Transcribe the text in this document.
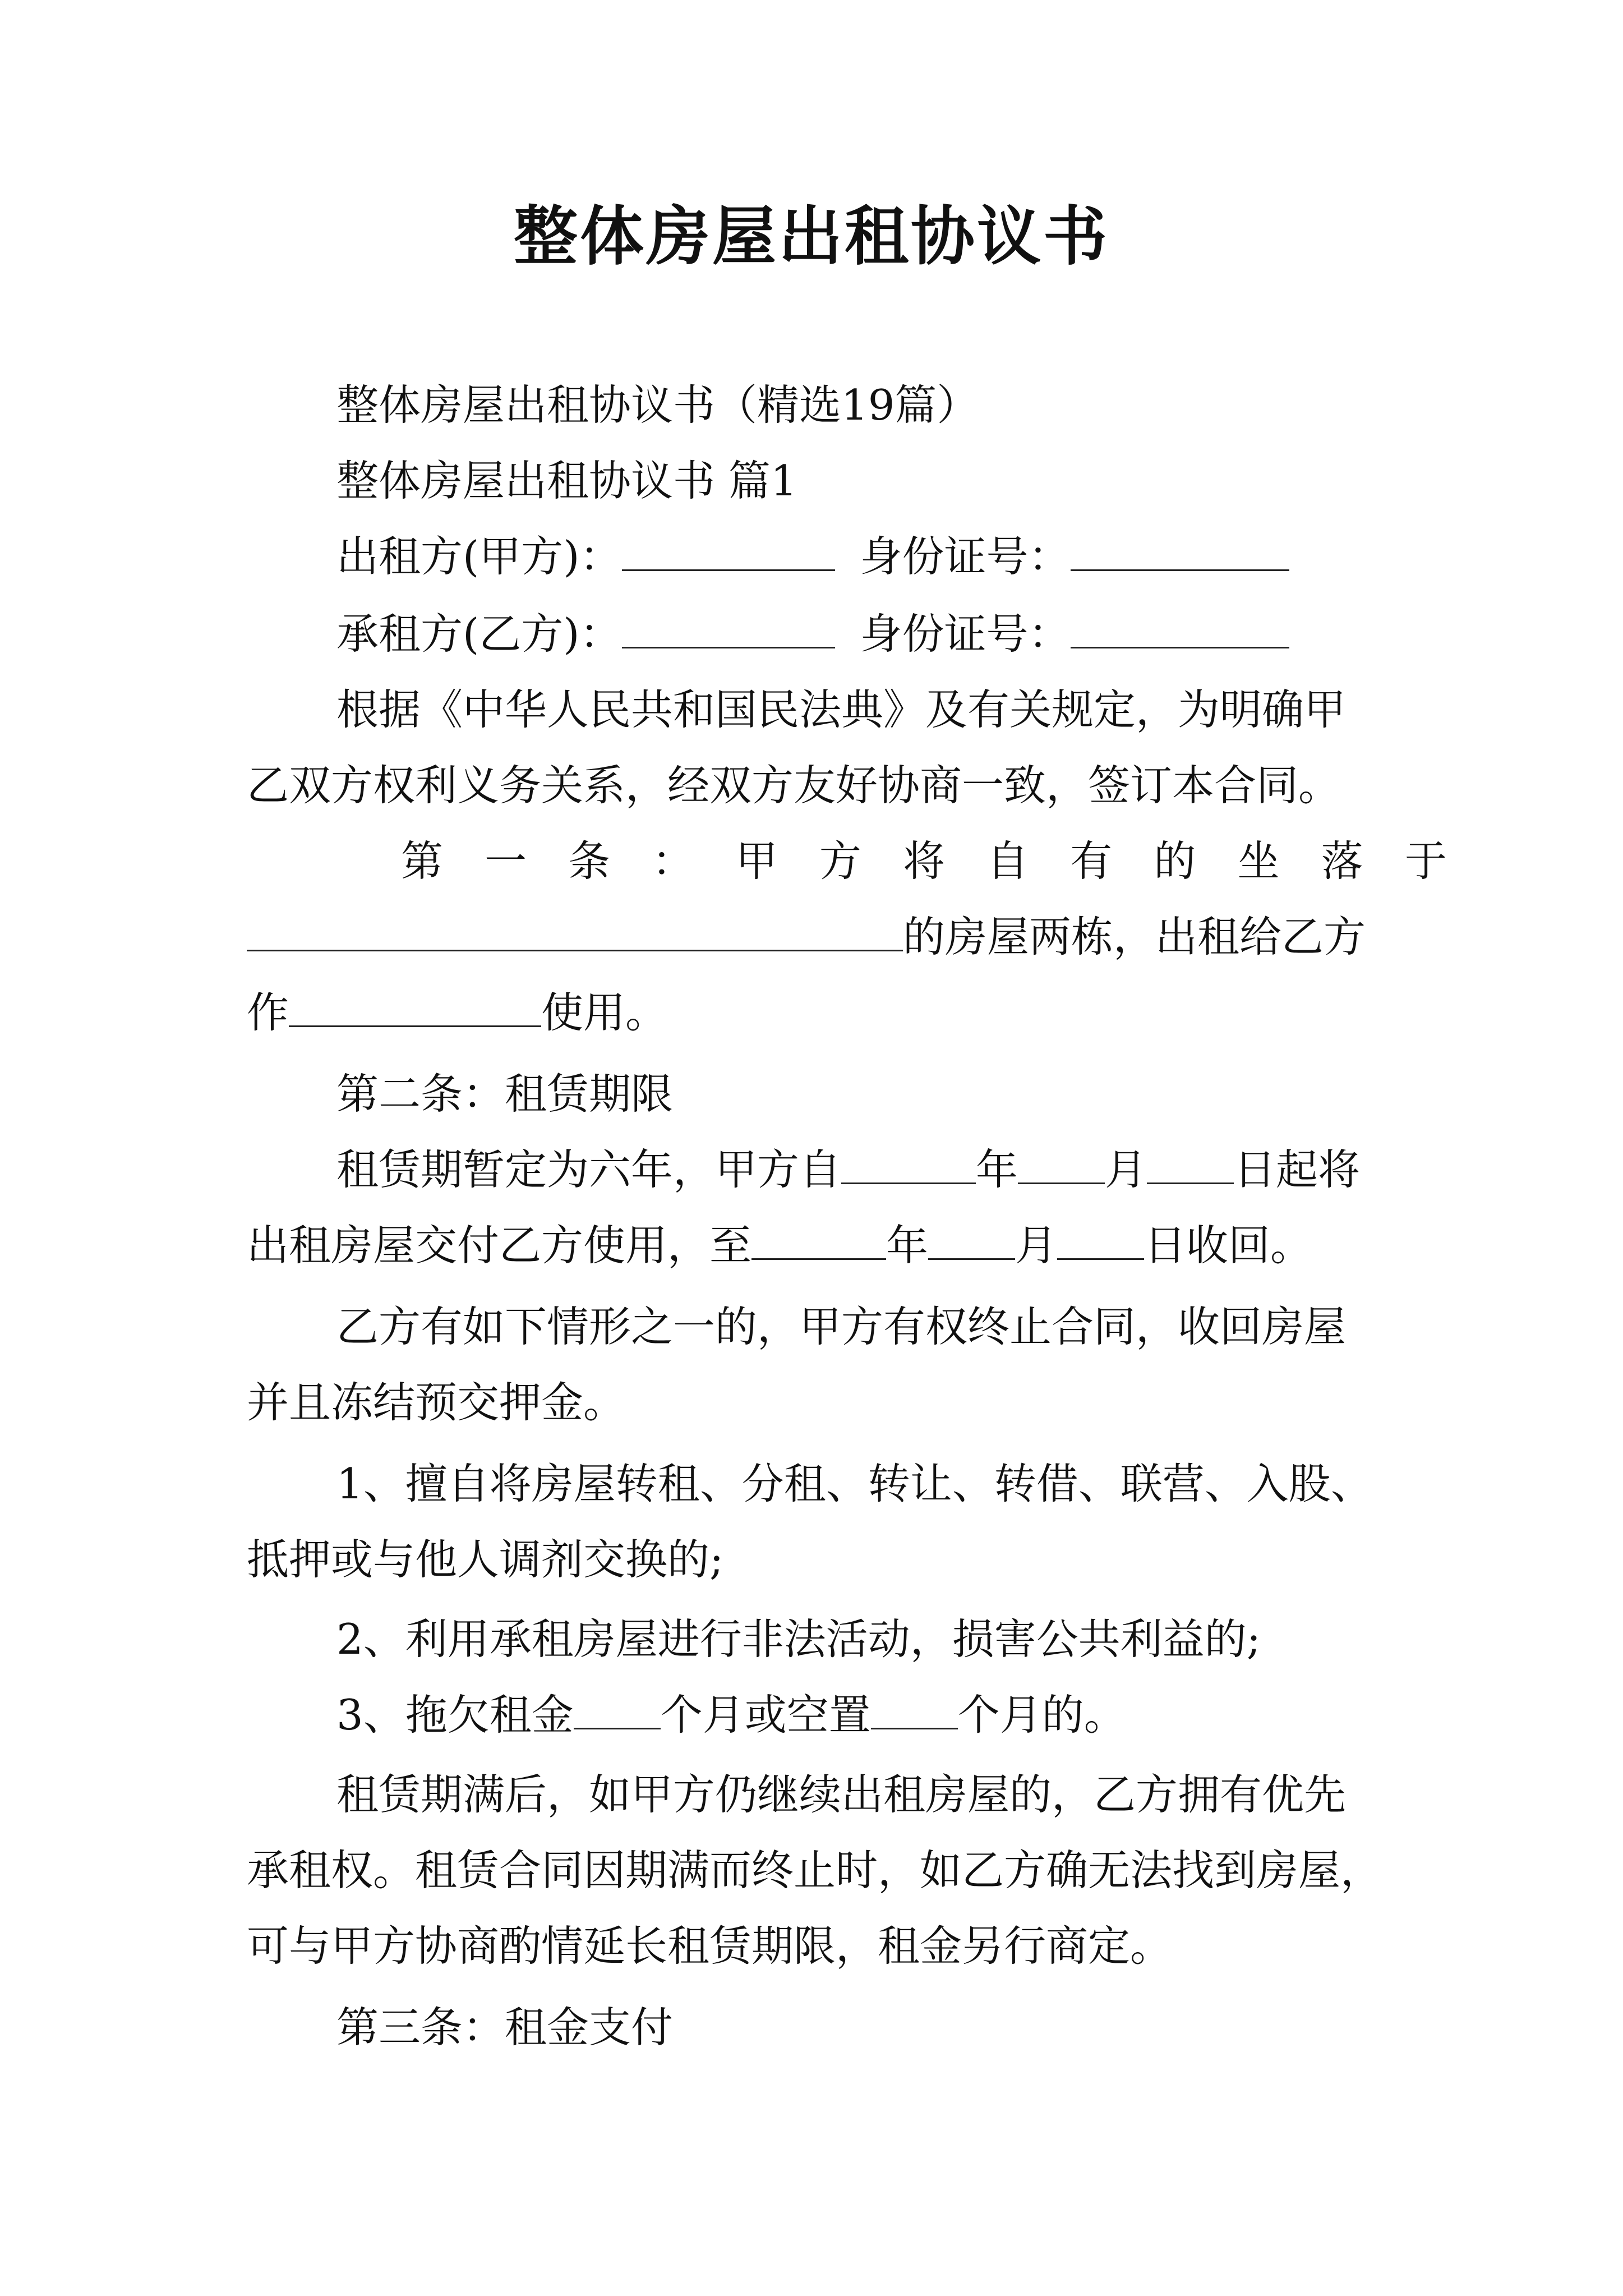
整体房屋出租协议书
整体房屋出租协议书（精选19篇）
整体房屋出租协议书 篇1
出租方(甲方)：	身份证号：
承租方(乙方)：	身份证号：
根据《中华人民共和国民法典》及有关规定，为明确甲
乙双方权利义务关系，经双方友好协商一致，签订本合同。
第 一 条 ： 甲 方 将 自 有 的 坐 落 于
的房屋两栋，出租给乙方
作	使用。
第二条：租赁期限
租赁期暂定为六年，甲方自	年 月 日起将
出租房屋交付乙方使用，至	年 月 日收回。
乙方有如下情形之一的，甲方有权终止合同，收回房屋
并且冻结预交押金。
1、擅自将房屋转租、分租、转让、转借、联营、入股、
抵押或与他人调剂交换的;
2、利用承租房屋进行非法活动，损害公共利益的;
3、拖欠租金 个月或空置 个月的。
租赁期满后，如甲方仍继续出租房屋的，乙方拥有优先
承租权。租赁合同因期满而终止时，如乙方确无法找到房屋，
可与甲方协商酌情延长租赁期限，租金另行商定。
第三条：租金支付
